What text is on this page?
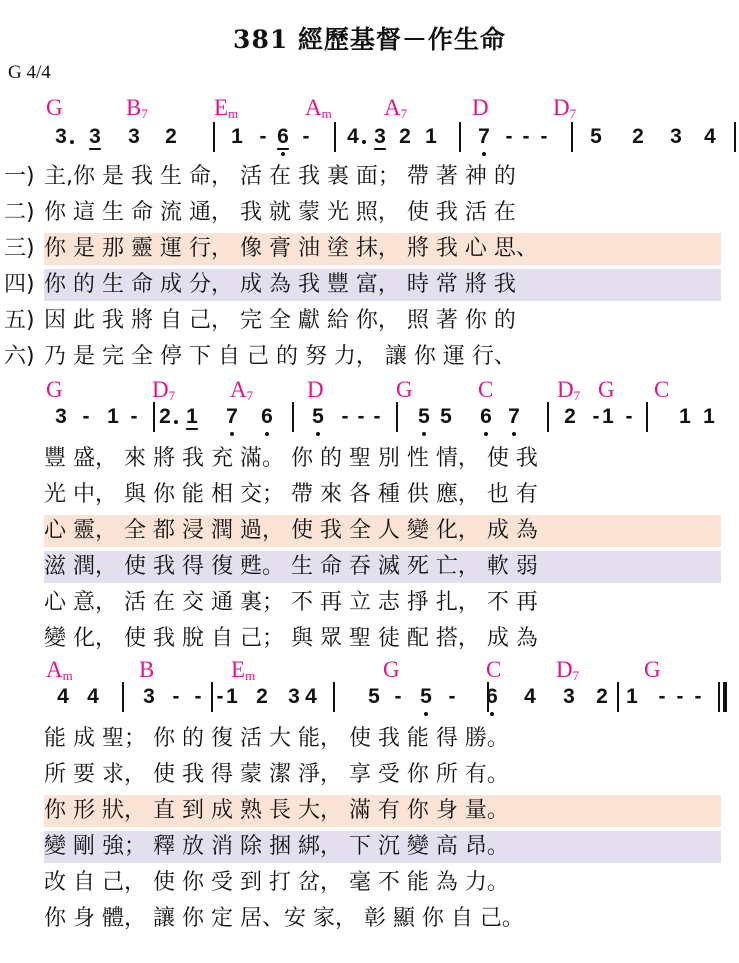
381 經歷基督－作生命
G 4/4
G	$B_7$	$E_m$	$A_m$ $A_7$	D	$D_7$
3 3 3 2	1 - 6 -	4 3 2 1 7 - - -	5 2 3 4
一) 主,你 是 我 生 命， 活 在 我 裏 面； 帶 著 神 的
二) 你 這 生 命 流 通， 我 就 蒙 光 照， 使 我 活 在
三) 你 是 那 靈 運 行， 像 膏 油 塗 抹， 將 我 心 思、
四) 你 的 生 命 成 分， 成 為 我 豐 富， 時 常 將 我
五) 因 此 我 將 自 己， 完 全 獻 給 你， 照 著 你 的
六) 乃 是 完 全 停 下 自 己 的 努 力， 讓 你 運 行、
G	$D_7$ $A_7$ D	G	C	$D_7$ G C
3 - 1 -	2 1 7 6 5 - - -	5 5 6 7 2 - 1 -	1 1
豐 盛， 來 將 我 充 滿。 你 的 聖 別 性 情， 使 我
光 中， 與 你 能 相 交； 帶 來 各 種 供 應， 也 有
心 靈， 全 都 浸 潤 過， 使 我 全 人 變 化， 成 為
滋 潤， 使 我 得 復 甦。 生 命 吞 滅 死 亡， 軟 弱
心 意， 活 在 交 通 裏； 不 再 立 志 掙 扎， 不 再
變 化， 使 我 脫 自 己； 與 眾 聖 徒 配 搭， 成 為
$A_m$	B	$E_m$	G	C $D_7$	G
4 4 3 - - - 1 2 3 4 5 - 5 -	6 4 3 2 1 - - -
能 成 聖； 你 的 復 活 大 能， 使 我 能 得 勝。
所 要 求， 使 我 得 蒙 潔 淨， 享 受 你 所 有。
你 形 狀， 直 到 成 熟 長 大， 滿 有 你 身 量。
變 剛 強； 釋 放 消 除 捆 綁， 下 沉 變 高 昂。
改 自 己， 使 你 受 到 打 岔， 毫 不 能 為 力。
你 身 體， 讓 你 定 居、安 家， 彰 顯 你 自 己。
